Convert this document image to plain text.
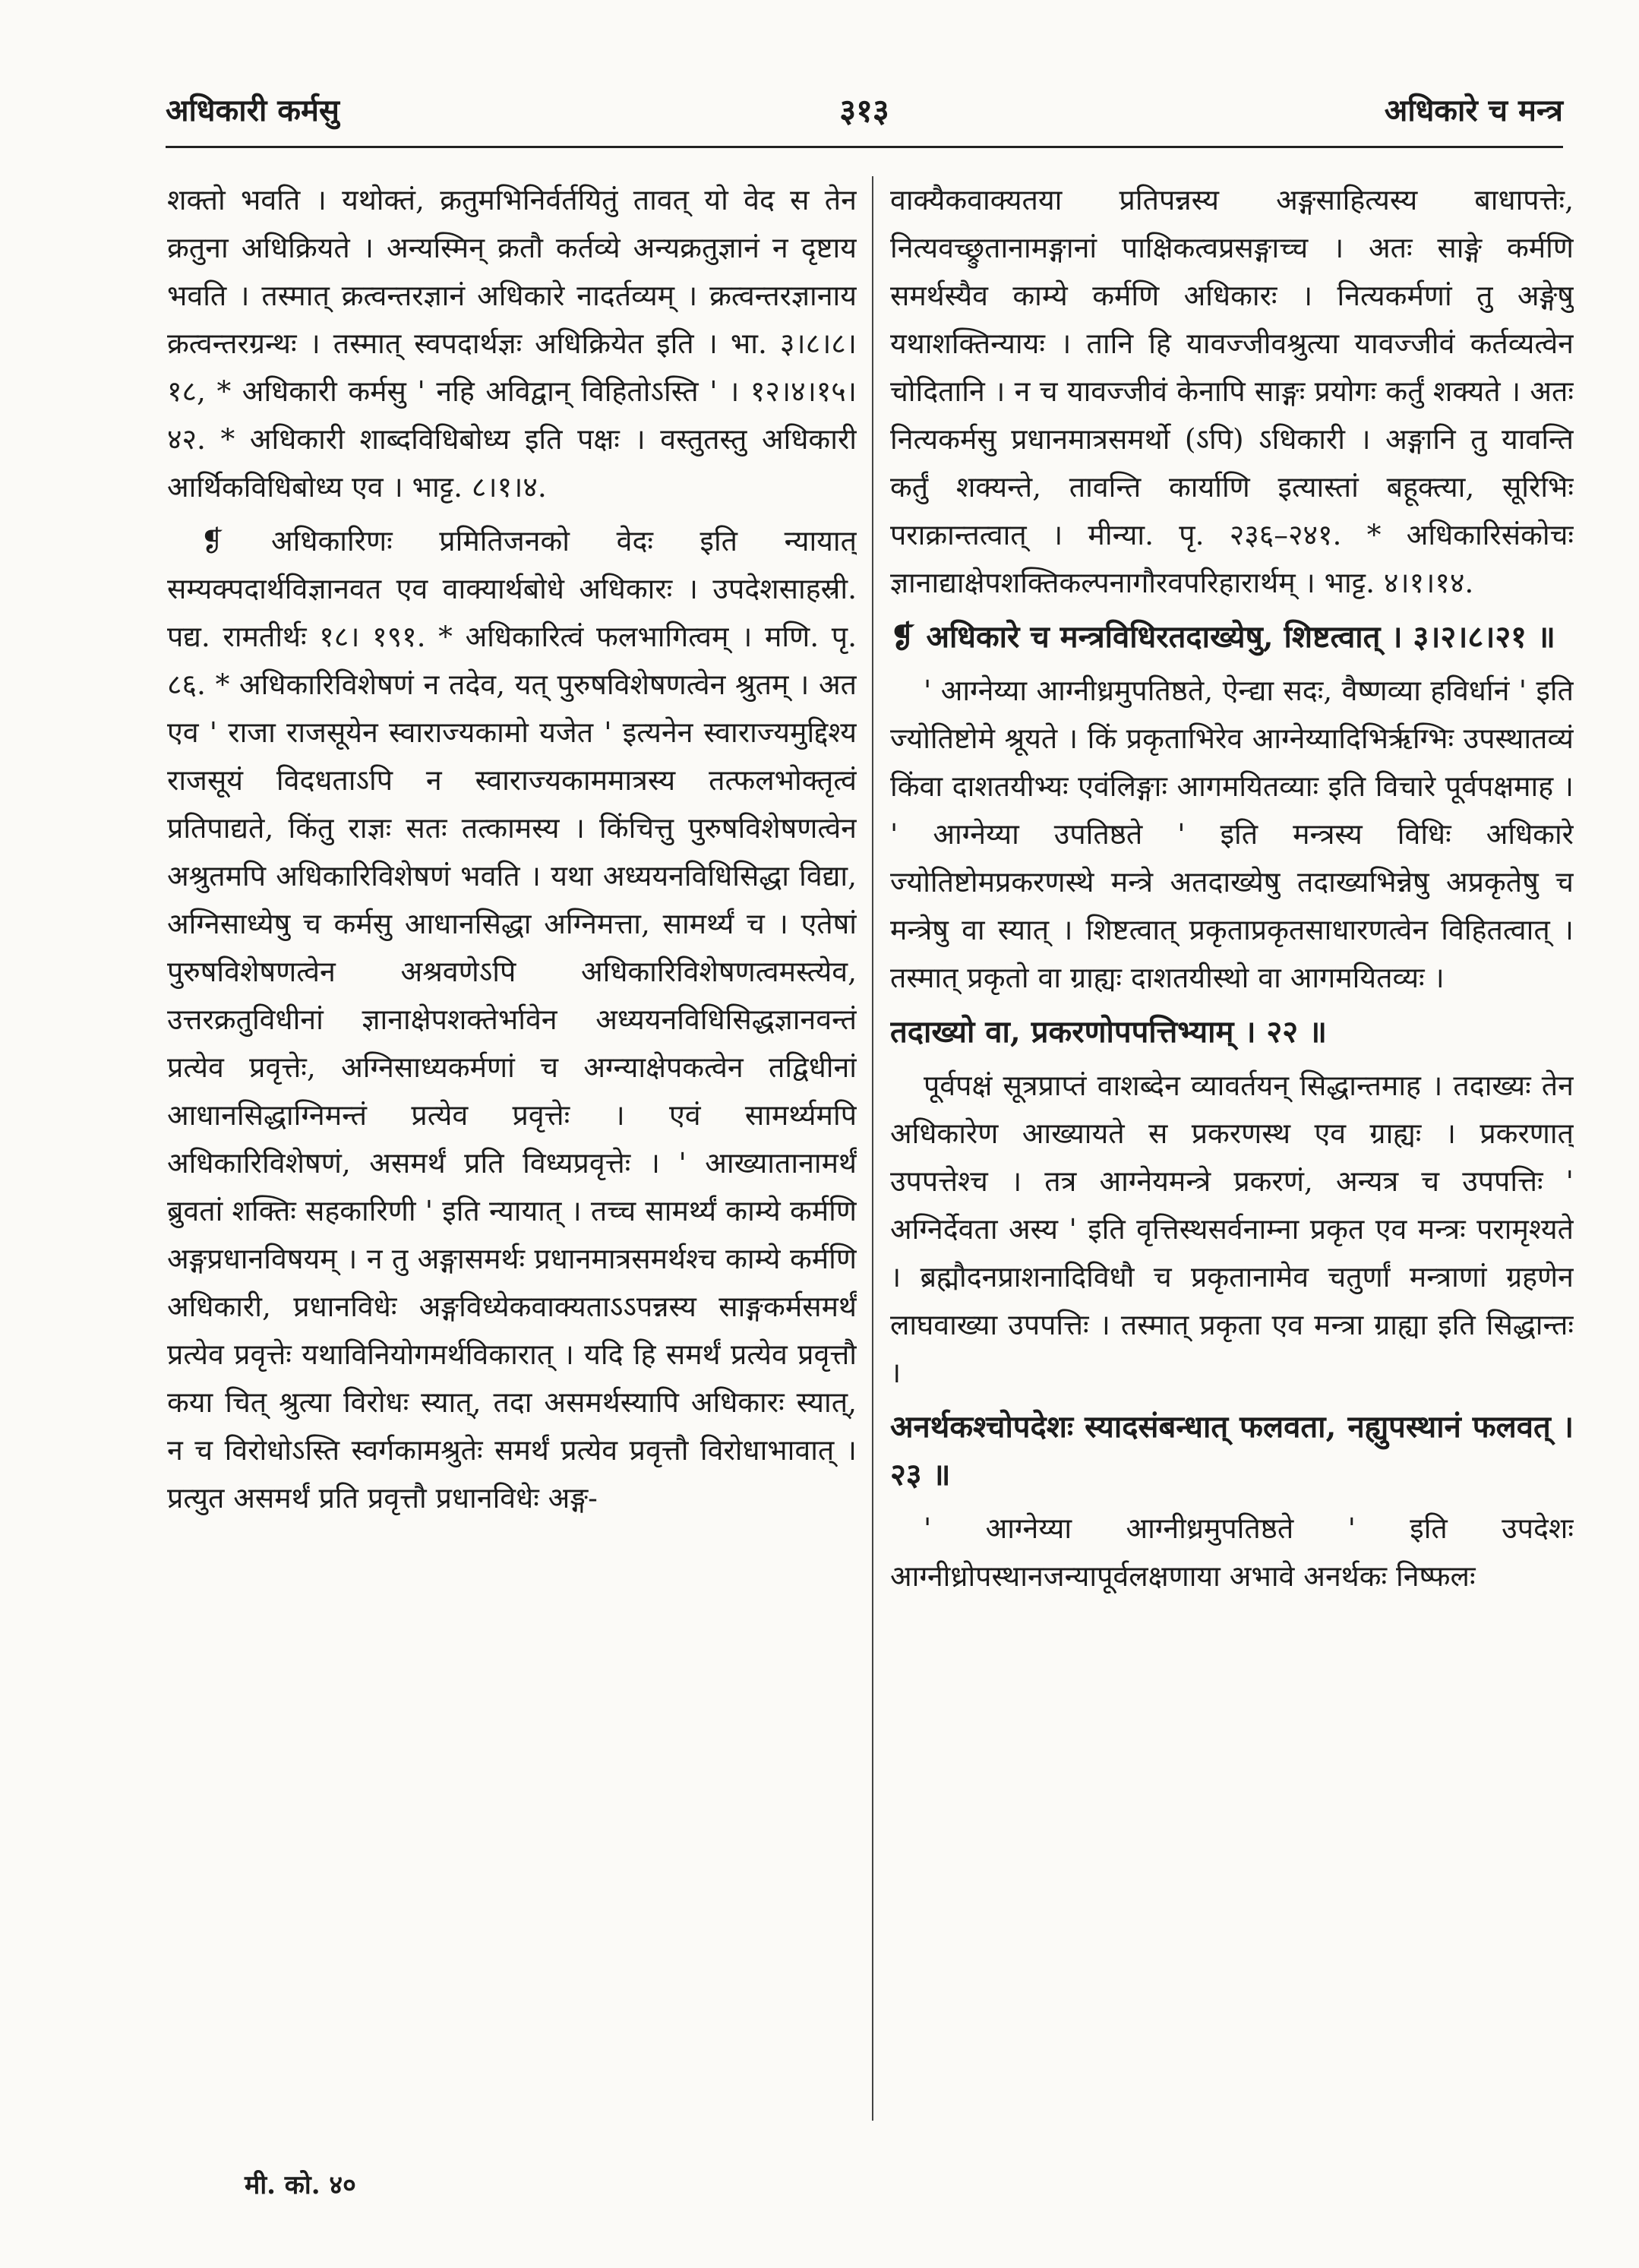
अधिकारी कर्मसु	३१३	अधिकारे च मन्त्र

शक्तो भवति । यथोक्तं, क्रतुमभिनिर्वर्तयितुं तावत् यो वेद स तेन क्रतुना अधिक्रियते । अन्यस्मिन् क्रतौ कर्तव्ये अन्यक्रतुज्ञानं न दृष्टाय भवति । तस्मात् क्रत्वन्तरज्ञानं अधिकारे नादर्तव्यम् । क्रत्वन्तरज्ञानाय क्रत्वन्तरग्रन्थः । तस्मात् स्वपदार्थज्ञः अधिक्रियेत इति । भा. ३।८।८।१८, * अधिकारी कर्मसु ' नहि अविद्वान् विहितोऽस्ति ' । १२।४।१५।४२. * अधिकारी शाब्दविधिबोध्य इति पक्षः । वस्तुतस्तु अधिकारी आर्थिकविधिबोध्य एव । भाट्ट. ८।१।४.

❡ अधिकारिणः प्रमितिजनको वेदः इति न्यायात् सम्यक्पदार्थविज्ञानवत एव वाक्यार्थबोधे अधिकारः । उपदेशसाहस्री. पद्य. रामतीर्थः १८। १९१. * अधिकारित्वं फलभागित्वम् । मणि. पृ. ८६. * अधिकारिविशेषणं न तदेव, यत् पुरुषविशेषणत्वेन श्रुतम् । अत एव ' राजा राजसूयेन स्वाराज्यकामो यजेत ' इत्यनेन स्वाराज्यमुद्दिश्य राजसूयं विदधताऽपि न स्वाराज्यकाममात्रस्य तत्फलभोक्तृत्वं प्रतिपाद्यते, किंतु राज्ञः सतः तत्कामस्य । किंचित्तु पुरुषविशेषणत्वेन अश्रुतमपि अधिकारिविशेषणं भवति । यथा अध्ययनविधिसिद्धा विद्या, अग्निसाध्येषु च कर्मसु आधानसिद्धा अग्निमत्ता, सामर्थ्यं च । एतेषां पुरुषविशेषणत्वेन अश्रवणेऽपि अधिकारिविशेषणत्वमस्त्येव, उत्तरक्रतुविधीनां ज्ञानाक्षेपशक्तेर्भावेन अध्ययनविधिसिद्धज्ञानवन्तं प्रत्येव प्रवृत्तेः, अग्निसाध्यकर्मणां च अग्न्याक्षेपकत्वेन तद्विधीनां आधानसिद्धाग्निमन्तं प्रत्येव प्रवृत्तेः । एवं सामर्थ्यमपि अधिकारिविशेषणं, असमर्थं प्रति विध्यप्रवृत्तेः । ' आख्यातानामर्थं ब्रुवतां शक्तिः सहकारिणी ' इति न्यायात् । तच्च सामर्थ्यं काम्ये कर्मणि अङ्गप्रधानविषयम् । न तु अङ्गासमर्थः प्रधानमात्रसमर्थश्च काम्ये कर्मणि अधिकारी, प्रधानविधेः अङ्गविध्येकवाक्यताऽऽपन्नस्य साङ्गकर्मसमर्थं प्रत्येव प्रवृत्तेः यथाविनियोगमर्थविकारात् । यदि हि समर्थं प्रत्येव प्रवृत्तौ कया चित् श्रुत्या विरोधः स्यात्, तदा असमर्थस्यापि अधिकारः स्यात्, न च विरोधोऽस्ति स्वर्गकामश्रुतेः समर्थं प्रत्येव प्रवृत्तौ विरोधाभावात् । प्रत्युत असमर्थं प्रति प्रवृत्तौ प्रधानविधेः अङ्ग-

वाक्यैकवाक्यतया प्रतिपन्नस्य अङ्गसाहित्यस्य बाधापत्तेः, नित्यवच्छ्रुतानामङ्गानां पाक्षिकत्वप्रसङ्गाच्च । अतः साङ्गे कर्मणि समर्थस्यैव काम्ये कर्मणि अधिकारः । नित्यकर्मणां तु अङ्गेषु यथाशक्तिन्यायः । तानि हि यावज्जीवश्रुत्या यावज्जीवं कर्तव्यत्वेन चोदितानि । न च यावज्जीवं केनापि साङ्गः प्रयोगः कर्तुं शक्यते । अतः नित्यकर्मसु प्रधानमात्रसमर्थो (ऽपि) ऽधिकारी । अङ्गानि तु यावन्ति कर्तुं शक्यन्ते, तावन्ति कार्याणि इत्यास्तां बहूक्त्या, सूरिभिः पराक्रान्तत्वात् । मीन्या. पृ. २३६–२४१. * अधिकारिसंकोचः ज्ञानाद्याक्षेपशक्तिकल्पनागौरवपरिहारार्थम् । भाट्ट. ४।१।१४.

❡ अधिकारे च मन्त्रविधिरतदाख्येषु, शिष्टत्वात् । ३।२।८।२१ ॥

' आग्नेय्या आग्नीध्रमुपतिष्ठते, ऐन्द्या सदः, वैष्णव्या हविर्धानं ' इति ज्योतिष्टोमे श्रूयते । किं प्रकृताभिरेव आग्नेय्यादिभिर्ऋग्भिः उपस्थातव्यं किंवा दाशतयीभ्यः एवंलिङ्गाः आगमयितव्याः इति विचारे पूर्वपक्षमाह । ' आग्नेय्या उपतिष्ठते ' इति मन्त्रस्य विधिः अधिकारे ज्योतिष्टोमप्रकरणस्थे मन्त्रे अतदाख्येषु तदाख्यभिन्नेषु अप्रकृतेषु च मन्त्रेषु वा स्यात् । शिष्टत्वात् प्रकृताप्रकृतसाधारणत्वेन विहितत्वात् । तस्मात् प्रकृतो वा ग्राह्यः दाशतयीस्थो वा आगमयितव्यः ।

तदाख्यो वा, प्रकरणोपपत्तिभ्याम् । २२ ॥

पूर्वपक्षं सूत्रप्राप्तं वाशब्देन व्यावर्तयन् सिद्धान्तमाह । तदाख्यः तेन अधिकारेण आख्यायते स प्रकरणस्थ एव ग्राह्यः । प्रकरणात् उपपत्तेश्च । तत्र आग्नेयमन्त्रे प्रकरणं, अन्यत्र च उपपत्तिः ' अग्निर्देवता अस्य ' इति वृत्तिस्थसर्वनाम्ना प्रकृत एव मन्त्रः परामृश्यते । ब्रह्मौदनप्राशनादिविधौ च प्रकृतानामेव चतुर्णां मन्त्राणां ग्रहणेन लाघवाख्या उपपत्तिः । तस्मात् प्रकृता एव मन्त्रा ग्राह्या इति सिद्धान्तः ।

अनर्थकश्चोपदेशः स्यादसंबन्धात् फलवता, नह्युपस्थानं फलवत् । २३ ॥

' आग्नेय्या आग्नीध्रमुपतिष्ठते ' इति उपदेशः आग्नीध्रोपस्थानजन्यापूर्वलक्षणाया अभावे अनर्थकः निष्फलः

मी. को. ४०
